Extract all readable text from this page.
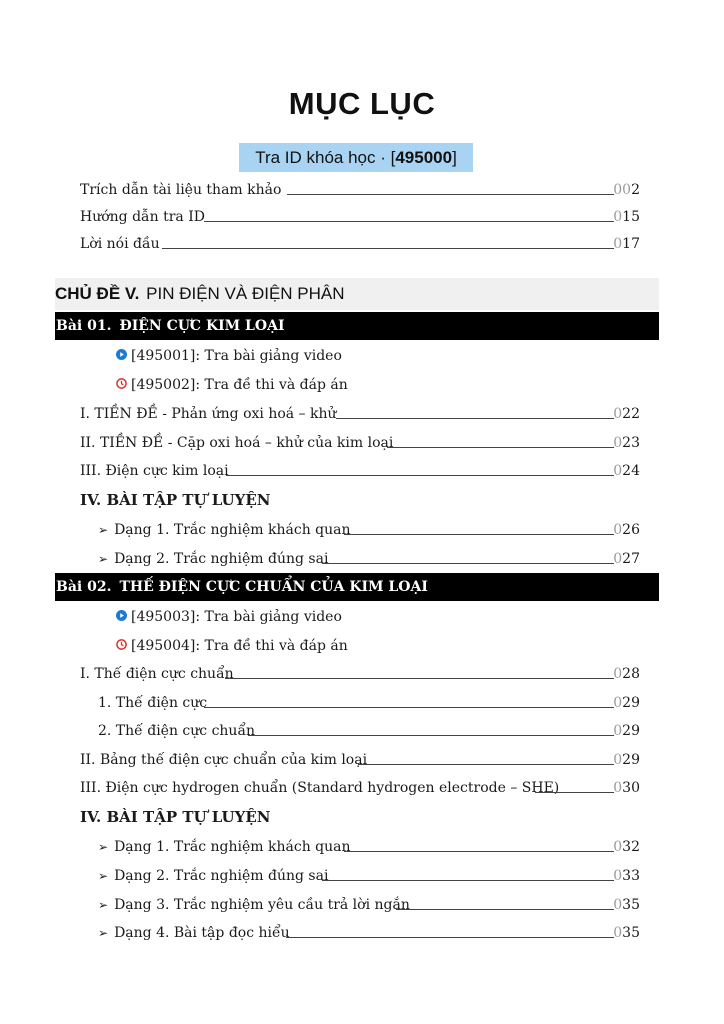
MỤC LỤC
Tra ID khóa học · [495000]
Trích dẫn tài liệu tham khảo	002
Hướng dẫn tra ID	015
Lời nói đầu	017
CHỦ ĐỀ V. PIN ĐIỆN VÀ ĐIỆN PHÂN
Bài 01. ĐIỆN CỰC KIM LOẠI
[495001]: Tra bài giảng video
[495002]: Tra đề thi và đáp án
I. TIỀN ĐỀ - Phản ứng oxi hoá – khử	022
II. TIỀN ĐỀ - Cặp oxi hoá – khử của kim loại	023
III. Điện cực kim loại	024
IV. BÀI TẬP TỰ LUYỆN
➢ Dạng 1. Trắc nghiệm khách quan	026
➢ Dạng 2. Trắc nghiệm đúng sai	027
Bài 02. THẾ ĐIỆN CỰC CHUẨN CỦA KIM LOẠI
[495003]: Tra bài giảng video
[495004]: Tra đề thi và đáp án
I. Thế điện cực chuẩn	028
1. Thế điện cực	029
2. Thế điện cực chuẩn	029
II. Bảng thế điện cực chuẩn của kim loại	029
III. Điện cực hydrogen chuẩn (Standard hydrogen electrode – SHE)	030
IV. BÀI TẬP TỰ LUYỆN
➢ Dạng 1. Trắc nghiệm khách quan	032
➢ Dạng 2. Trắc nghiệm đúng sai	033
➢ Dạng 3. Trắc nghiệm yêu cầu trả lời ngắn	035
➢ Dạng 4. Bài tập đọc hiểu	035
